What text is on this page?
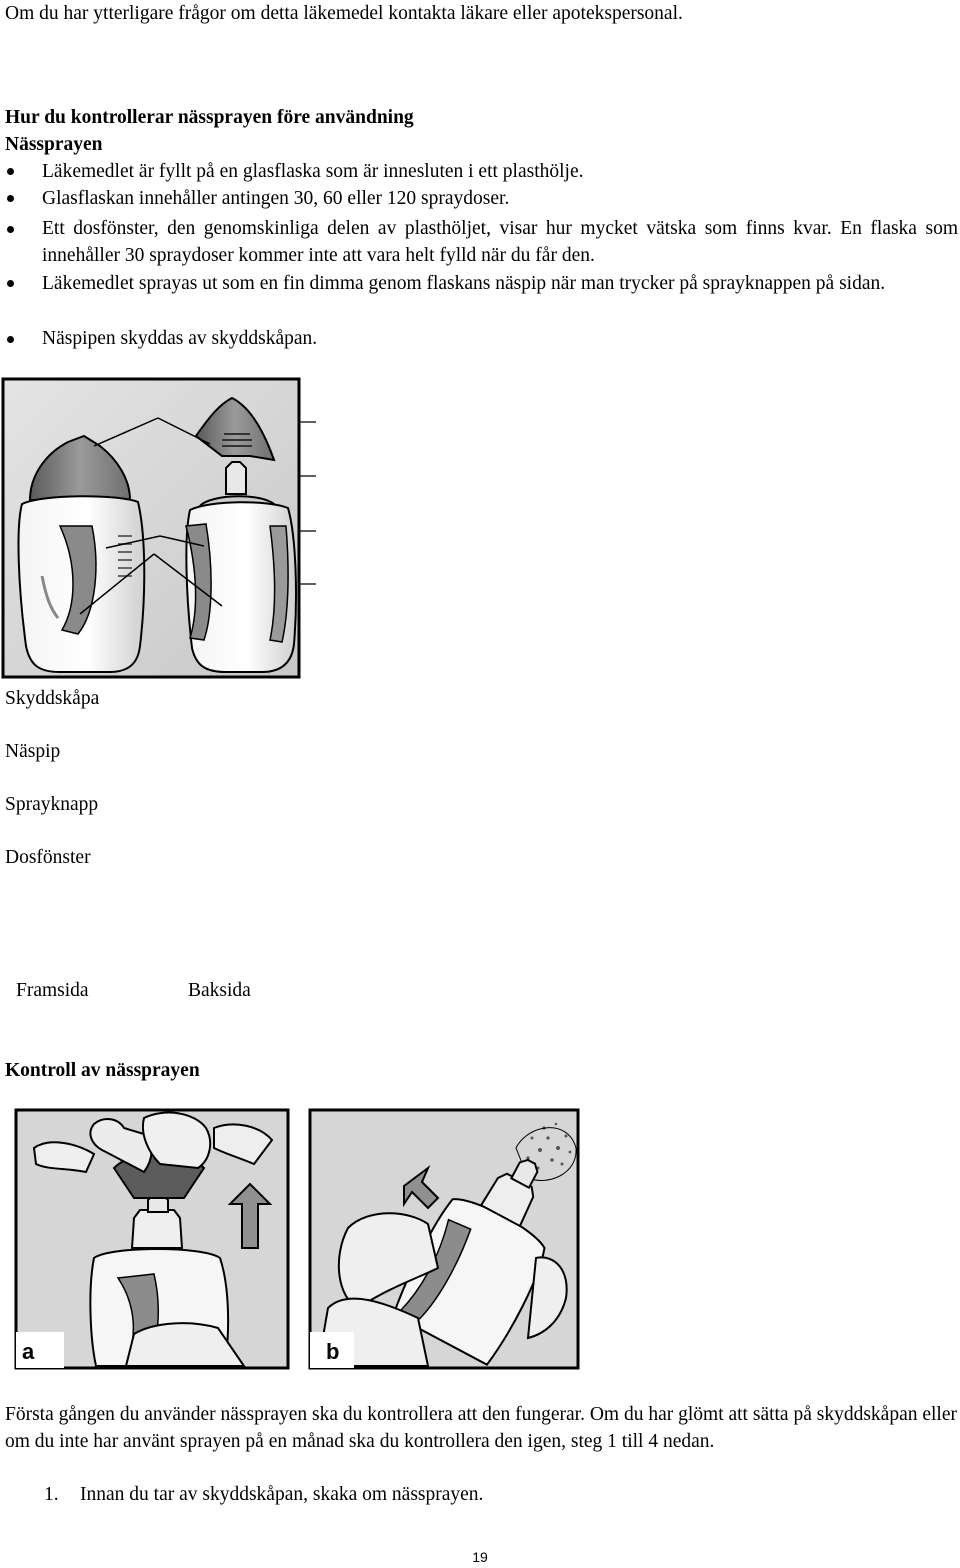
Om du har ytterligare frågor om detta läkemedel kontakta läkare eller apotekspersonal.
Hur du kontrollerar nässprayen före användning
Nässprayen
Läkemedlet är fyllt på en glasflaska som är innesluten i ett plasthölje.
Glasflaskan innehåller antingen 30, 60 eller 120 spraydoser.
Ett dosfönster, den genomskinliga delen av plasthöljet, visar hur mycket vätska som finns kvar. En flaska som innehåller 30 spraydoser kommer inte att vara helt fylld när du får den.
Läkemedlet sprayas ut som en fin dimma genom flaskans näspip när man trycker på sprayknappen på sidan.
Näspipen skyddas av skyddskåpan.
Skyddskåpa
Näspip
Sprayknapp
Dosfönster
Framsida	Baksida
Kontroll av nässprayen
a	b
Första gången du använder nässprayen ska du kontrollera att den fungerar. Om du har glömt att sätta på skyddskåpan eller om du inte har använt sprayen på en månad ska du kontrollera den igen, steg 1 till 4 nedan.
1. Innan du tar av skyddskåpan, skaka om nässprayen.
19
